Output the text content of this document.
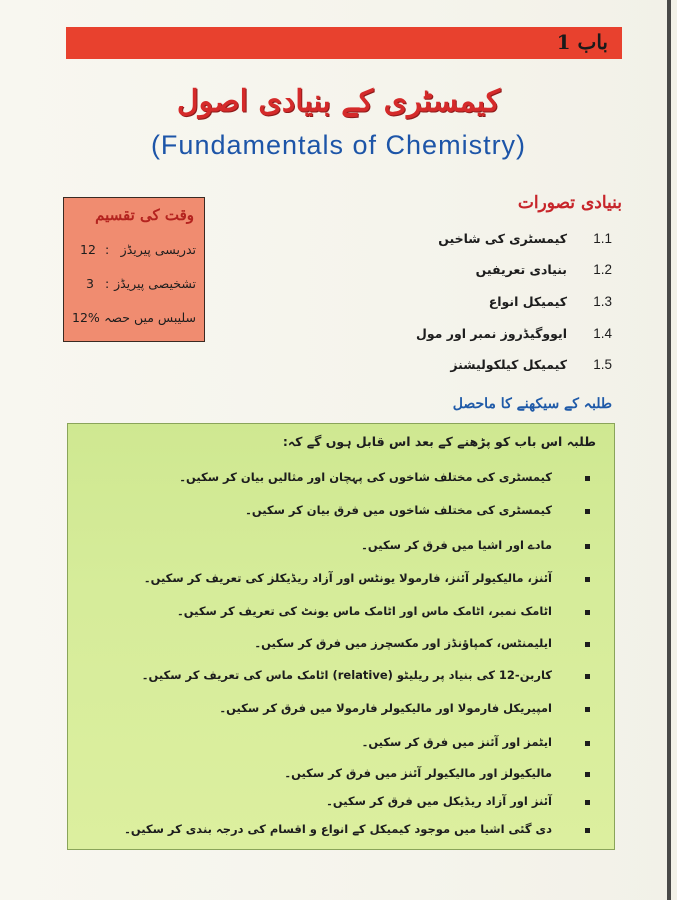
باب 1
کیمسٹری کے بنیادی اصول
(Fundamentals of Chemistry)
وقت کی تقسیم
تدریسی پیریڈز
:
12
تشخیصی پیریڈز
:
3
سلیبس میں حصہ
12%
بنیادی تصورات
1.1
کیمسٹری کی شاخیں
1.2
بنیادی تعریفیں
1.3
کیمیکل انواع
1.4
ایووگیڈروز نمبر اور مول
1.5
کیمیکل کیلکولیشنز
طلبہ کے سیکھنے کا ماحصل
طلبہ اس باب کو پڑھنے کے بعد اس قابل ہوں گے کہ:
کیمسٹری کی مختلف شاخوں کی پہچان اور مثالیں بیان کر سکیں۔
کیمسٹری کی مختلف شاخوں میں فرق بیان کر سکیں۔
مادے اور اشیا میں فرق کر سکیں۔
آئنز، مالیکیولر آئنز، فارمولا یونٹس اور آزاد ریڈیکلز کی تعریف کر سکیں۔
اٹامک نمبر، اٹامک ماس اور اٹامک ماس یونٹ کی تعریف کر سکیں۔
ایلیمنٹس، کمپاؤنڈز اور مکسچرز میں فرق کر سکیں۔
کاربن-12 کی بنیاد پر ریلیٹو (relative) اٹامک ماس کی تعریف کر سکیں۔
امپیریکل فارمولا اور مالیکیولر فارمولا میں فرق کر سکیں۔
ایٹمز اور آئنز میں فرق کر سکیں۔
مالیکیولز اور مالیکیولر آئنز میں فرق کر سکیں۔
آئنز اور آزاد ریڈیکل میں فرق کر سکیں۔
دی گئی اشیا میں موجود کیمیکل کے انواع و اقسام کی درجہ بندی کر سکیں۔
